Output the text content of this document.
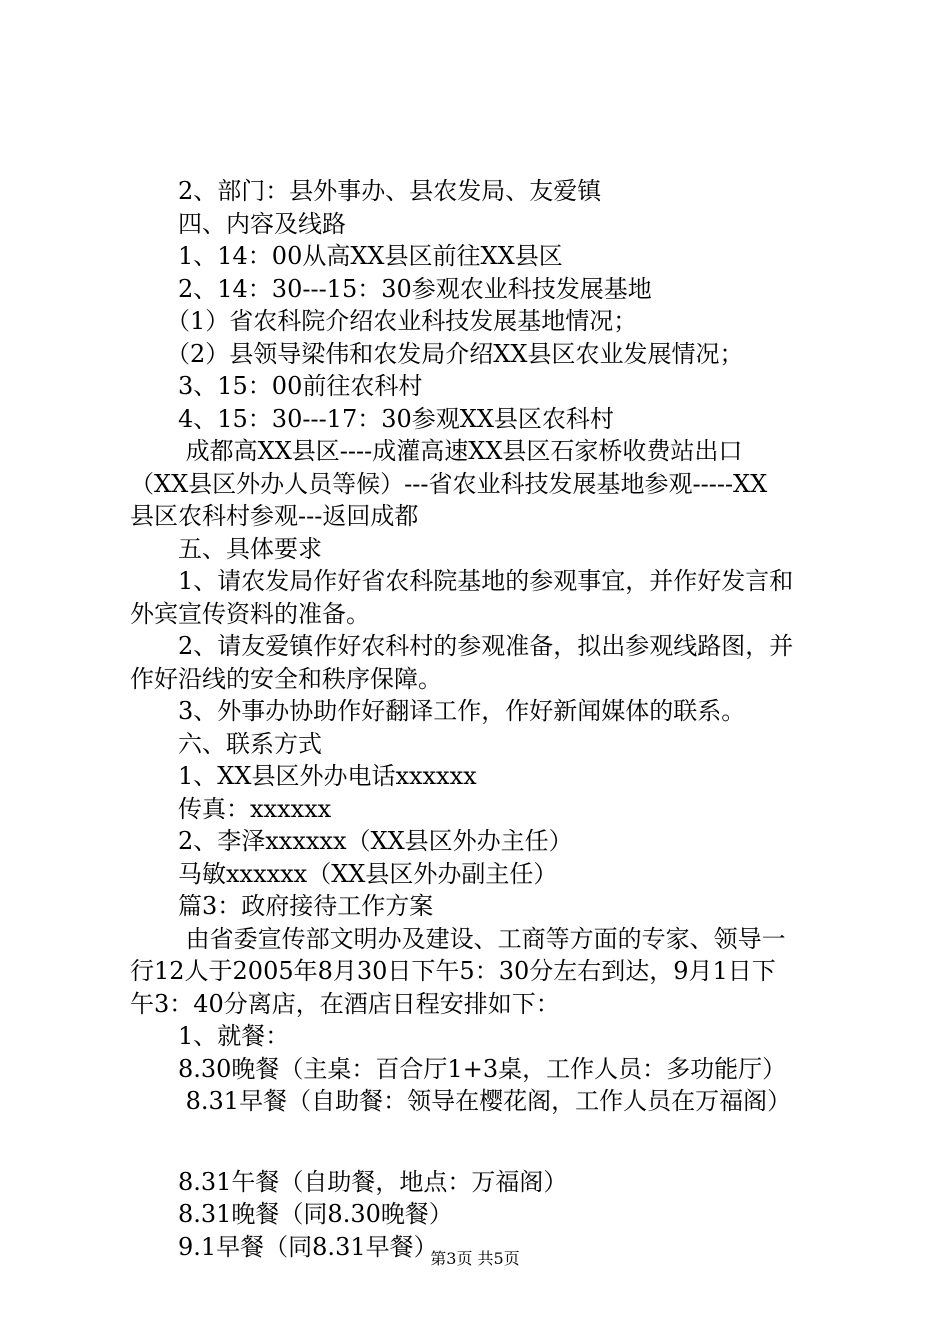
　　2、部门：县外事办、县农发局、友爱镇
　　四、内容及线路
　　1、14：00从高XX县区前往XX县区
　　2、14：30---15：30参观农业科技发展基地
　　（1）省农科院介绍农业科技发展基地情况；
　　（2）县领导梁伟和农发局介绍XX县区农业发展情况；
　　3、15：00前往农科村
　　4、15：30---17：30参观XX县区农科村
　　 成都高XX县区----成灌高速XX县区石家桥收费站出口
（XX县区外办人员等候）---省农业科技发展基地参观-----XX
县区农科村参观---返回成都
　　五、具体要求
　　1、请农发局作好省农科院基地的参观事宜，并作好发言和
外宾宣传资料的准备。
　　2、请友爱镇作好农科村的参观准备，拟出参观线路图，并
作好沿线的安全和秩序保障。
　　3、外事办协助作好翻译工作，作好新闻媒体的联系。
　　六、联系方式
　　1、XX县区外办电话xxxxxx
　　传真：xxxxxx
　　2、李泽xxxxxx（XX县区外办主任）
　　马敏xxxxxx（XX县区外办副主任）
　　篇3：政府接待工作方案
　　 由省委宣传部文明办及建设、工商等方面的专家、领导一
行12人于2005年8月30日下午5：30分左右到达，9月1日下
午3：40分离店，在酒店日程安排如下：
　　1、就餐：
　　8.30晚餐（主桌：百合厅1+3桌，工作人员：多功能厅）
　　 8.31早餐（自助餐：领导在樱花阁，工作人员在万福阁）
　　8.31午餐（自助餐，地点：万福阁）
　　8.31晚餐（同8.30晚餐）
　　9.1早餐（同8.31早餐）
第3页 共5页
